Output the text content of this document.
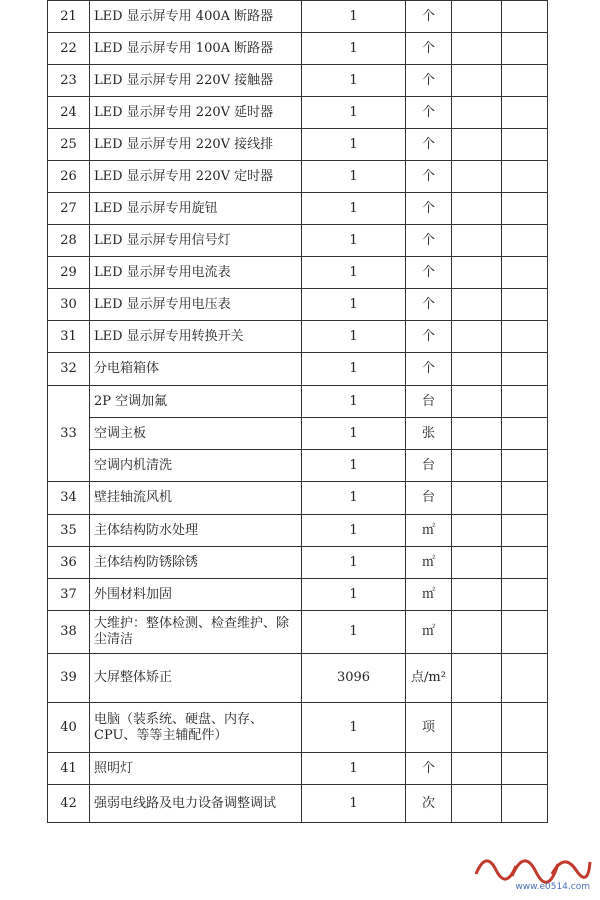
21	LED 显示屏专用 400A 断路器	1	个		
22	LED 显示屏专用 100A 断路器	1	个		
23	LED 显示屏专用 220V 接触器	1	个		
24	LED 显示屏专用 220V 延时器	1	个		
25	LED 显示屏专用 220V 接线排	1	个		
26	LED 显示屏专用 220V 定时器	1	个		
27	LED 显示屏专用旋钮	1	个		
28	LED 显示屏专用信号灯	1	个		
29	LED 显示屏专用电流表	1	个		
30	LED 显示屏专用电压表	1	个		
31	LED 显示屏专用转换开关	1	个		
32	分电箱箱体	1	个		
33	2P 空调加氟	1	台		
	空调主板	1	张		
	空调内机清洗	1	台		
34	壁挂轴流风机	1	台		
35	主体结构防水处理	1	㎡		
36	主体结构防锈除锈	1	㎡		
37	外围材料加固	1	㎡		
38	大维护：整体检测、检查维护、除尘清洁	1	㎡		
39	大屏整体矫正	3096	点/m²		
40	电脑（装系统、硬盘、内存、CPU、等等主辅配件）	1	项		
41	照明灯	1	个		
42	强弱电线路及电力设备调整调试	1	次		
www.e0514.com
